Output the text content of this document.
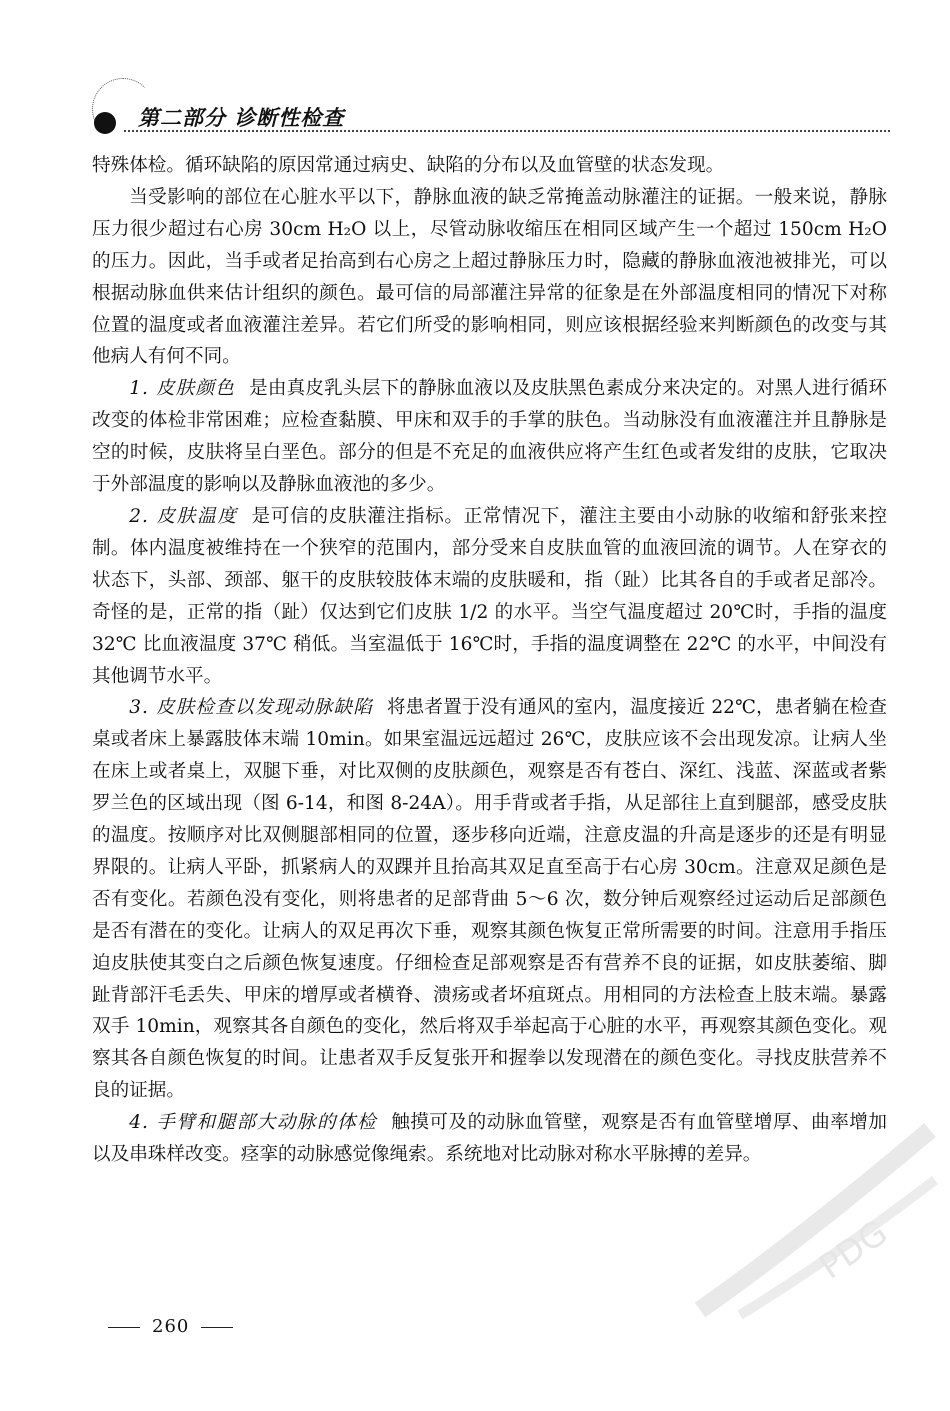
第二部分 诊断性检查

特殊体检。循环缺陷的原因常通过病史、缺陷的分布以及血管壁的状态发现。

当受影响的部位在心脏水平以下，静脉血液的缺乏常掩盖动脉灌注的证据。一般来说，静脉压力很少超过右心房 30cm H₂O 以上，尽管动脉收缩压在相同区域产生一个超过 150cm H₂O 的压力。因此，当手或者足抬高到右心房之上超过静脉压力时，隐藏的静脉血液池被排光，可以根据动脉血供来估计组织的颜色。最可信的局部灌注异常的征象是在外部温度相同的情况下对称位置的温度或者血液灌注差异。若它们所受的影响相同，则应该根据经验来判断颜色的改变与其他病人有何不同。

1. 皮肤颜色 是由真皮乳头层下的静脉血液以及皮肤黑色素成分来决定的。对黑人进行循环改变的体检非常困难；应检查黏膜、甲床和双手的手掌的肤色。当动脉没有血液灌注并且静脉是空的时候，皮肤将呈白垩色。部分的但是不充足的血液供应将产生红色或者发绀的皮肤，它取决于外部温度的影响以及静脉血液池的多少。

2. 皮肤温度 是可信的皮肤灌注指标。正常情况下，灌注主要由小动脉的收缩和舒张来控制。体内温度被维持在一个狭窄的范围内，部分受来自皮肤血管的血液回流的调节。人在穿衣的状态下，头部、颈部、躯干的皮肤较肢体末端的皮肤暖和，指（趾）比其各自的手或者足部冷。奇怪的是，正常的指（趾）仅达到它们皮肤 1/2 的水平。当空气温度超过 20℃时，手指的温度 32℃ 比血液温度 37℃ 稍低。当室温低于 16℃时，手指的温度调整在 22℃ 的水平，中间没有其他调节水平。

3. 皮肤检查以发现动脉缺陷 将患者置于没有通风的室内，温度接近 22℃，患者躺在检查桌或者床上暴露肢体末端 10min。如果室温远远超过 26℃，皮肤应该不会出现发凉。让病人坐在床上或者桌上，双腿下垂，对比双侧的皮肤颜色，观察是否有苍白、深红、浅蓝、深蓝或者紫罗兰色的区域出现（图 6-14，和图 8-24A）。用手背或者手指，从足部往上直到腿部，感受皮肤的温度。按顺序对比双侧腿部相同的位置，逐步移向近端，注意皮温的升高是逐步的还是有明显界限的。让病人平卧，抓紧病人的双踝并且抬高其双足直至高于右心房 30cm。注意双足颜色是否有变化。若颜色没有变化，则将患者的足部背曲 5～6 次，数分钟后观察经过运动后足部颜色是否有潜在的变化。让病人的双足再次下垂，观察其颜色恢复正常所需要的时间。注意用手指压迫皮肤使其变白之后颜色恢复速度。仔细检查足部观察是否有营养不良的证据，如皮肤萎缩、脚趾背部汗毛丢失、甲床的增厚或者横脊、溃疡或者坏疽斑点。用相同的方法检查上肢末端。暴露双手 10min，观察其各自颜色的变化，然后将双手举起高于心脏的水平，再观察其颜色变化。观察其各自颜色恢复的时间。让患者双手反复张开和握拳以发现潜在的颜色变化。寻找皮肤营养不良的证据。

4. 手臂和腿部大动脉的体检 触摸可及的动脉血管壁，观察是否有血管壁增厚、曲率增加以及串珠样改变。痉挛的动脉感觉像绳索。系统地对比动脉对称水平脉搏的差异。

260
PDG
